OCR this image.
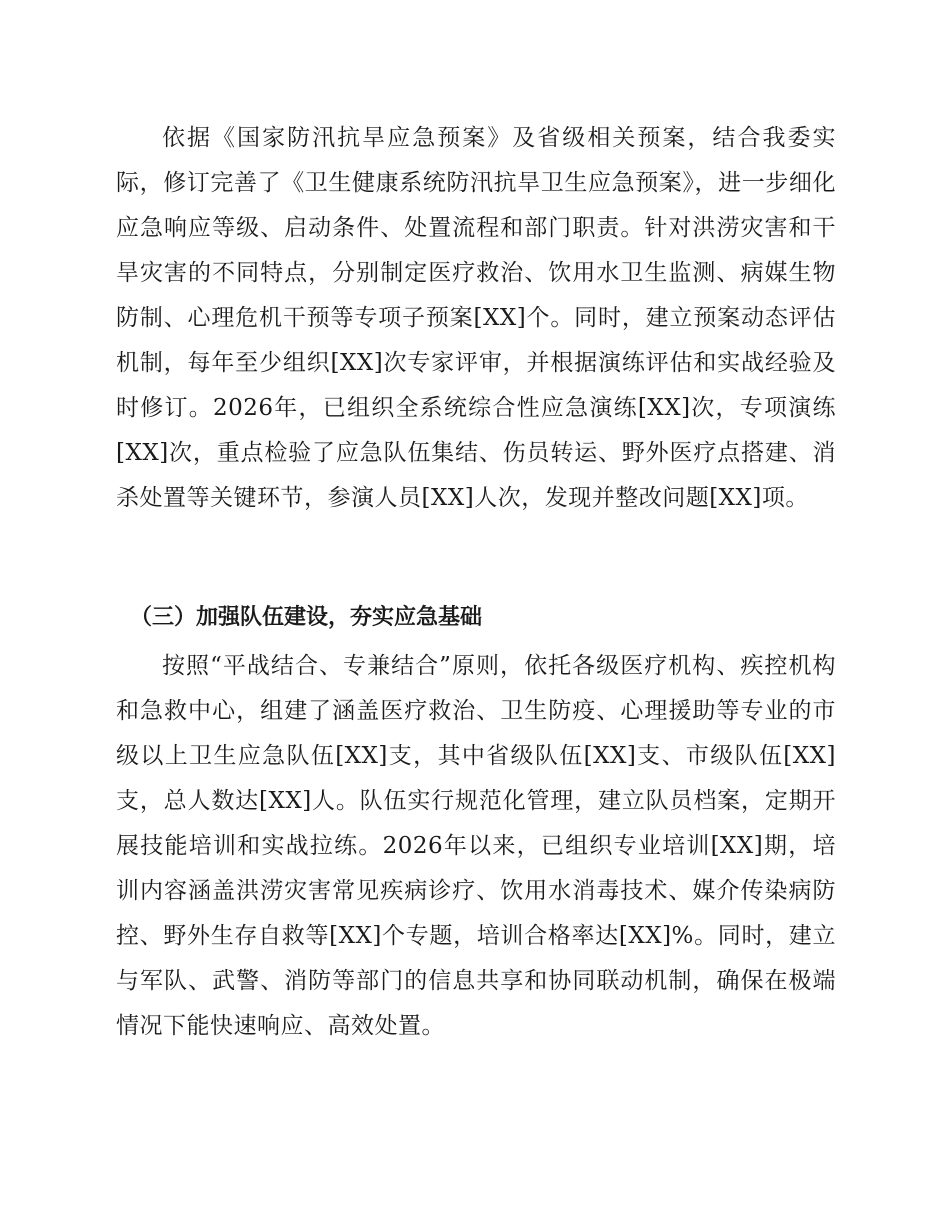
依据《国家防汛抗旱应急预案》及省级相关预案，结合我委实际，修订完善了《卫生健康系统防汛抗旱卫生应急预案》，进一步细化应急响应等级、启动条件、处置流程和部门职责。针对洪涝灾害和干旱灾害的不同特点，分别制定医疗救治、饮用水卫生监测、病媒生物防制、心理危机干预等专项子预案[XX]个。同时，建立预案动态评估机制，每年至少组织[XX]次专家评审，并根据演练评估和实战经验及时修订。2026年，已组织全系统综合性应急演练[XX]次，专项演练[XX]次，重点检验了应急队伍集结、伤员转运、野外医疗点搭建、消杀处置等关键环节，参演人员[XX]人次，发现并整改问题[XX]项。

（三）加强队伍建设，夯实应急基础

按照“平战结合、专兼结合”原则，依托各级医疗机构、疾控机构和急救中心，组建了涵盖医疗救治、卫生防疫、心理援助等专业的市级以上卫生应急队伍[XX]支，其中省级队伍[XX]支、市级队伍[XX]支，总人数达[XX]人。队伍实行规范化管理，建立队员档案，定期开展技能培训和实战拉练。2026年以来，已组织专业培训[XX]期，培训内容涵盖洪涝灾害常见疾病诊疗、饮用水消毒技术、媒介传染病防控、野外生存自救等[XX]个专题，培训合格率达[XX]%。同时，建立与军队、武警、消防等部门的信息共享和协同联动机制，确保在极端情况下能快速响应、高效处置。
